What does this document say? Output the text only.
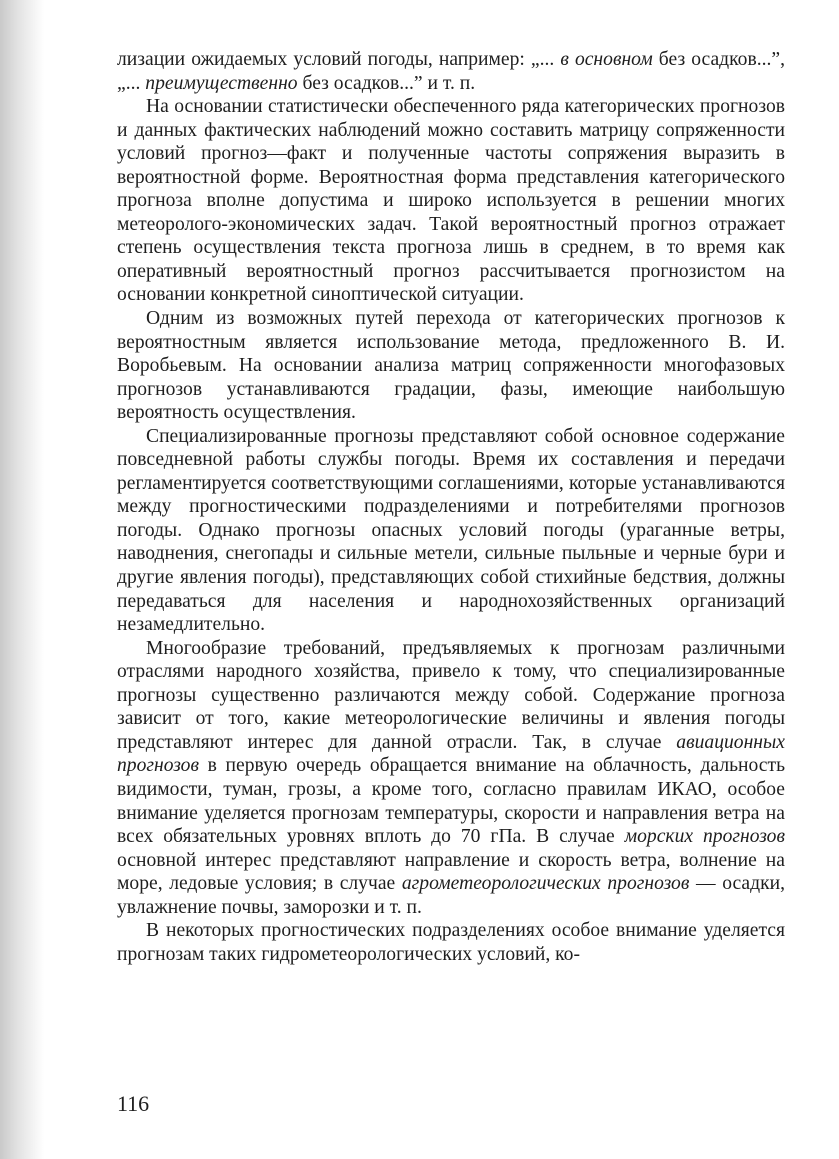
лизации ожидаемых условий погоды, например: „... в основном без осадков...”, „... преимущественно без осадков...” и т. п.

На основании статистически обеспеченного ряда категорических прогнозов и данных фактических наблюдений можно составить матрицу сопряженности условий прогноз—факт и полученные частоты сопряжения выразить в вероятностной форме. Вероятностная форма представления категорического прогноза вполне допустима и широко используется в решении многих метеоролого-экономических задач. Такой вероятностный прогноз отражает степень осуществления текста прогноза лишь в среднем, в то время как оперативный вероятностный прогноз рассчитывается прогнозистом на основании конкретной синоптической ситуации.

Одним из возможных путей перехода от категорических прогнозов к вероятностным является использование метода, предложенного В. И. Воробьевым. На основании анализа матриц сопряженности многофазовых прогнозов устанавливаются градации, фазы, имеющие наибольшую вероятность осуществления.

Специализированные прогнозы представляют собой основное содержание повседневной работы службы погоды. Время их составления и передачи регламентируется соответствующими соглашениями, которые устанавливаются между прогностическими подразделениями и потребителями прогнозов погоды. Однако прогнозы опасных условий погоды (ураганные ветры, наводнения, снегопады и сильные метели, сильные пыльные и черные бури и другие явления погоды), представляющих собой стихийные бедствия, должны передаваться для населения и народнохозяйственных организаций незамедлительно.

Многообразие требований, предъявляемых к прогнозам различными отраслями народного хозяйства, привело к тому, что специализированные прогнозы существенно различаются между собой. Содержание прогноза зависит от того, какие метеорологические величины и явления погоды представляют интерес для данной отрасли. Так, в случае авиационных прогнозов в первую очередь обращается внимание на облачность, дальность видимости, туман, грозы, а кроме того, согласно правилам ИКАО, особое внимание уделяется прогнозам температуры, скорости и направления ветра на всех обязательных уровнях вплоть до 70 гПа. В случае морских прогнозов основной интерес представляют направление и скорость ветра, волнение на море, ледовые условия; в случае агрометеорологических прогнозов — осадки, увлажнение почвы, заморозки и т. п.

В некоторых прогностических подразделениях особое внимание уделяется прогнозам таких гидрометеорологических условий, ко-

116
